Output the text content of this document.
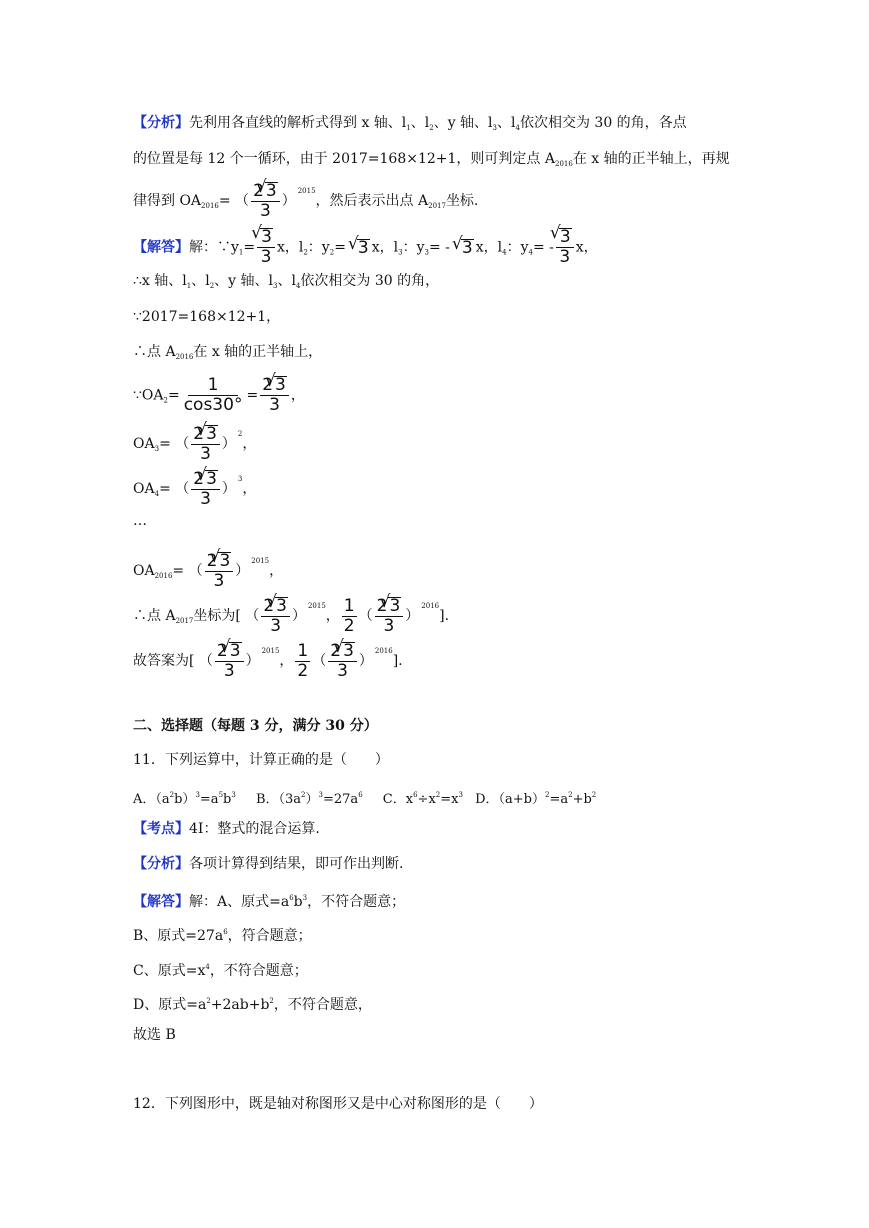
【分析】先利用各直线的解析式得到 x 轴、$l_1$、$l_2$、y 轴、$l_3$、$l_4$依次相交为 30 的角，各点
的位置是每 12 个一循环，由于 2017=168×12+1，则可判定点 $A_{2016}$在 x 轴的正半轴上，再规
律得到 $OA_{2016}=$ （ $\frac{2 √ 3}{3} )^{2015}$，然后表示出点 $A_{2017}$坐标.
【解答】解：$\because y_1=$ √ $\frac{3}{3}$ x，$l_2$：$y_2=$ √ 3 x，$l_3$：$y_3=$ - √ 3 x，$l_4$：$y_4=$ - √ $\frac{3}{3}$ x，
∴x 轴、$l_1$、$l_2$、y 轴、$l_3$、$l_4$依次相交为 30 的角，
∵2017=168×12+1，
∴点 $A_{2016}$在 x 轴的正半轴上，
$\because OA_2= \frac{1}{\cos 30^\circ} = \frac{2 √ 3}{3}$ ，
$OA_3=$ （ $\frac{2 √ 3}{3} )^2$，
$OA_4=$ （ $\frac{2 √ 3}{3} )^3$，
…
$OA_{2016}=$ （ $\frac{2 √ 3}{3} )^{2015}$，
∴点 $A_{2017}$坐标为[ （ $\frac{2 √ 3}{3} )^{2015}$， $\frac{1}{2}$ （ $\frac{2 √ 3}{3} )^{2016}$].
故答案为[ （ $\frac{2 √ 3}{3} )^{2015}$， $\frac{1}{2}$ （ $\frac{2 √ 3}{3} )^{2016}$].
二、选择题（每题 3 分，满分 30 分）
11．下列运算中，计算正确的是（　　）
A．$(a^2b)^3=a^5b^3$ B．$(3a^2)^3=27a^6$ C．$x^6\div x^2=x^3$ D．$(a+b)^2=a^2+b^2$
【考点】4I：整式的混合运算.
【分析】各项计算得到结果，即可作出判断.
【解答】解：A、原式$=a^6b^3$，不符合题意；
B、原式$=27a^6$，符合题意；
C、原式$=x^4$，不符合题意；
D、原式$=a^2+2ab+b^2$，不符合题意，
故选 B
12．下列图形中，既是轴对称图形又是中心对称图形的是（　　）
